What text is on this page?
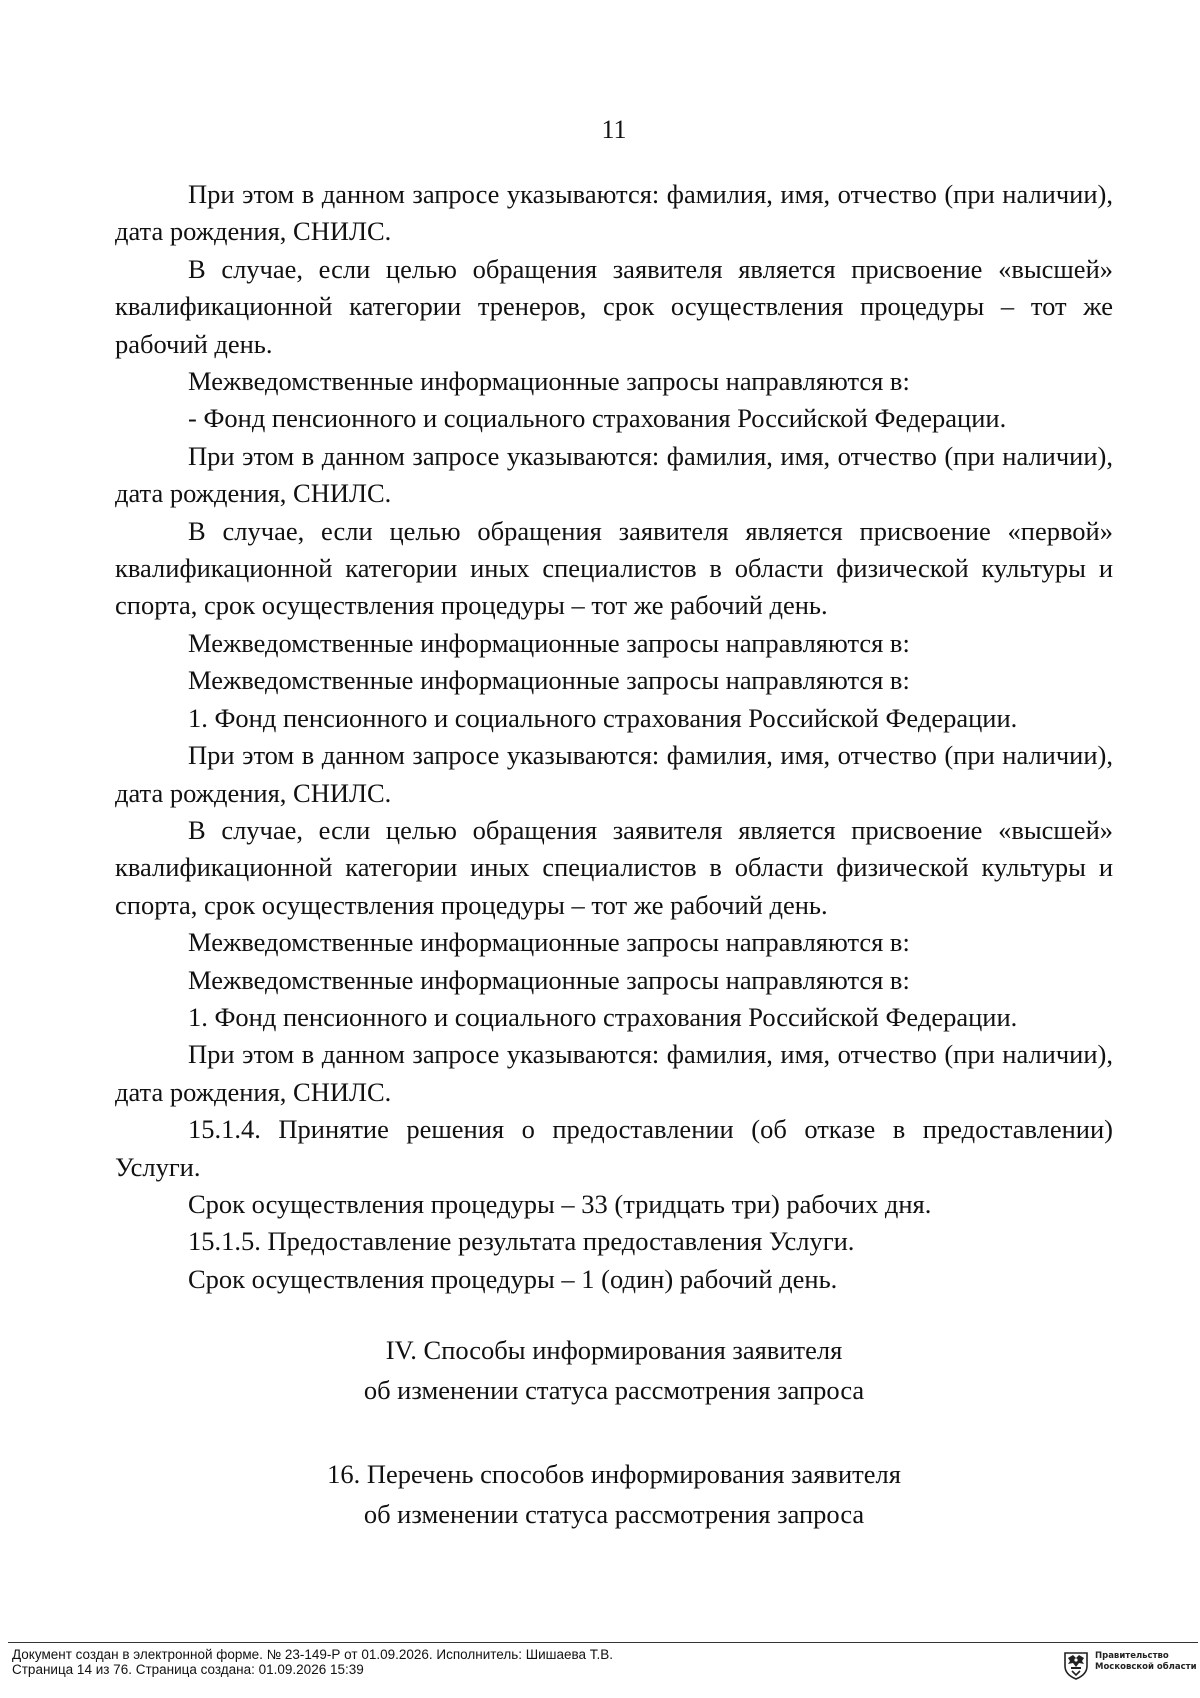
11

При этом в данном запросе указываются: фамилия, имя, отчество (при наличии), дата рождения, СНИЛС.

В случае, если целью обращения заявителя является присвоение «высшей» квалификационной категории тренеров, срок осуществления процедуры – тот же рабочий день.

Межведомственные информационные запросы направляются в:

- Фонд пенсионного и социального страхования Российской Федерации.

При этом в данном запросе указываются: фамилия, имя, отчество (при наличии), дата рождения, СНИЛС.

В случае, если целью обращения заявителя является присвоение «первой» квалификационной категории иных специалистов в области физической культуры и спорта, срок осуществления процедуры – тот же рабочий день.

Межведомственные информационные запросы направляются в:

Межведомственные информационные запросы направляются в:

1. Фонд пенсионного и социального страхования Российской Федерации.

При этом в данном запросе указываются: фамилия, имя, отчество (при наличии), дата рождения, СНИЛС.

В случае, если целью обращения заявителя является присвоение «высшей» квалификационной категории иных специалистов в области физической культуры и спорта, срок осуществления процедуры – тот же рабочий день.

Межведомственные информационные запросы направляются в:

Межведомственные информационные запросы направляются в:

1. Фонд пенсионного и социального страхования Российской Федерации.

При этом в данном запросе указываются: фамилия, имя, отчество (при наличии), дата рождения, СНИЛС.

15.1.4. Принятие решения о предоставлении (об отказе в предоставлении) Услуги.

Срок осуществления процедуры – 33 (тридцать три) рабочих дня.

15.1.5. Предоставление результата предоставления Услуги.

Срок осуществления процедуры – 1 (один) рабочий день.

IV. Способы информирования заявителя
об изменении статуса рассмотрения запроса
16. Перечень способов информирования заявителя
об изменении статуса рассмотрения запроса
Документ создан в электронной форме. № 23-149-Р от 01.09.2026. Исполнитель: Шишаева Т.В.
Страница 14 из 76. Страница создана: 01.09.2026 15:39
Правительство
Московской области
